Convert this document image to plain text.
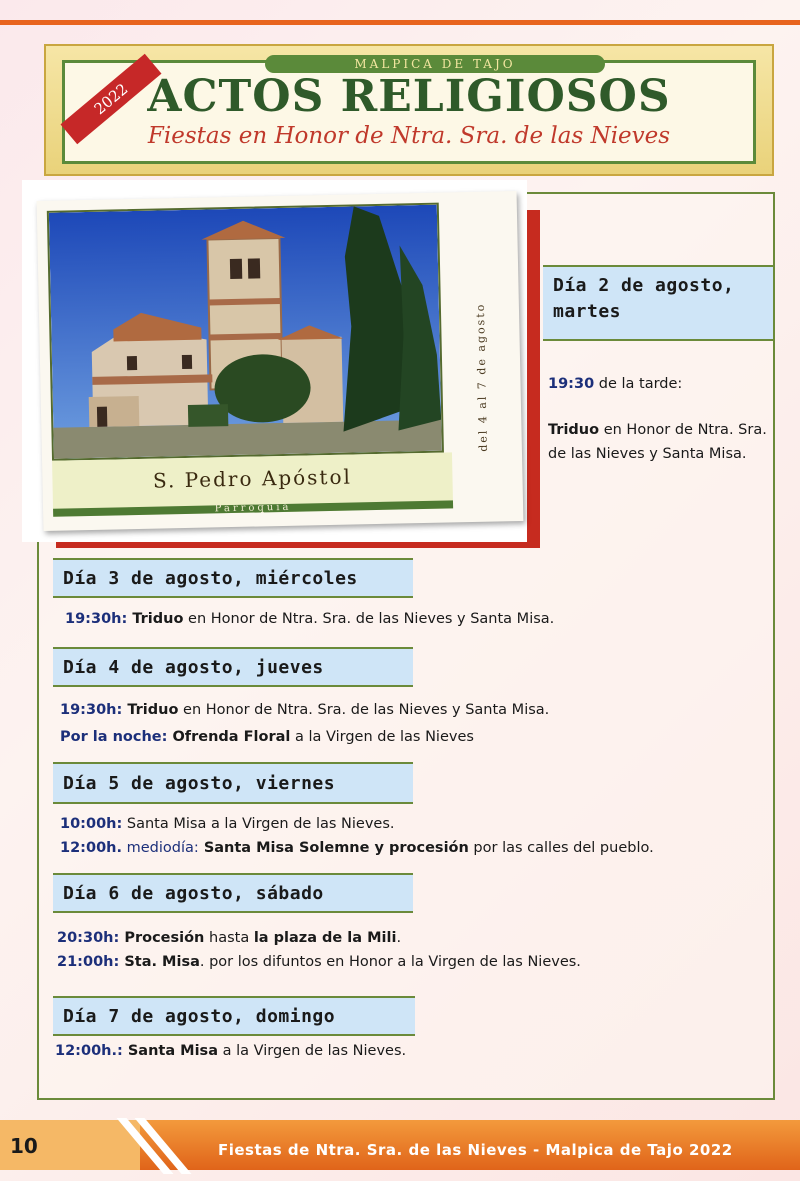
MALPICA DE TAJO
ACTOS RELIGIOSOS
Fiestas en Honor de Ntra. Sra. de las Nieves
2022
S. Pedro Apóstol
Parroquia
del 4 al 7 de agosto
Día 2 de agosto,
martes
19:30 de la tarde:
Triduo en Honor de Ntra. Sra. de las Nieves y Santa Misa.
Día 3 de agosto, miércoles
19:30h: Triduo en Honor de Ntra. Sra. de las Nieves y Santa Misa.
Día 4 de agosto, jueves
19:30h: Triduo en Honor de Ntra. Sra. de las Nieves y Santa Misa.
Por la noche: Ofrenda Floral a la Virgen de las Nieves
Día 5 de agosto, viernes
10:00h: Santa Misa a la Virgen de las Nieves.
12:00h. mediodía: Santa Misa Solemne y procesión por las calles del pueblo.
Día 6 de agosto, sábado
20:30h: Procesión hasta la plaza de la Mili.
21:00h: Sta. Misa. por los difuntos en Honor a la Virgen de las Nieves.
Día 7 de agosto, domingo
12:00h.: Santa Misa a la Virgen de las Nieves.
10	Fiestas de Ntra. Sra. de las Nieves - Malpica de Tajo 2022
